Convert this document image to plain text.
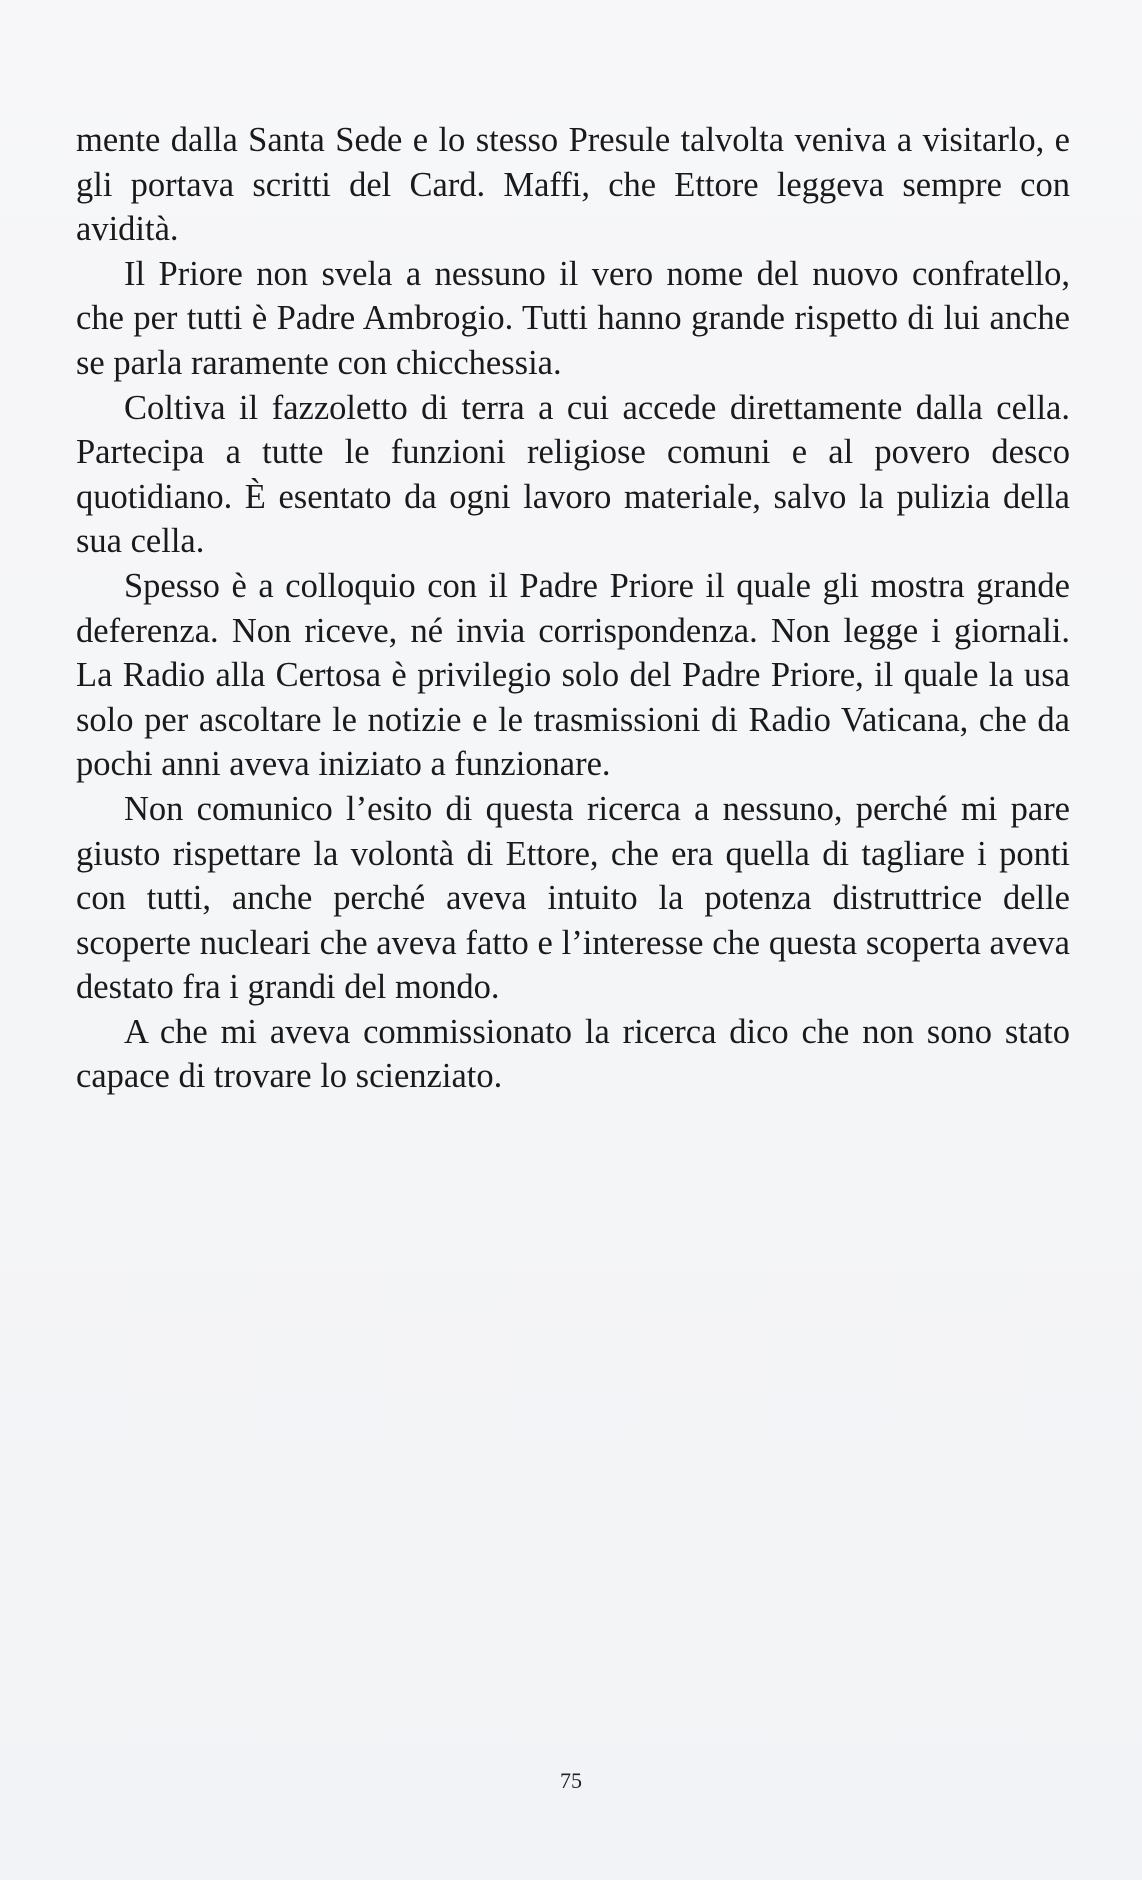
mente dalla Santa Sede e lo stesso Presule talvolta veniva a visitarlo, e gli portava scritti del Card. Maffi, che Ettore leggeva sempre con avidità.

Il Priore non svela a nessuno il vero nome del nuovo confratello, che per tutti è Padre Ambrogio. Tutti hanno grande rispetto di lui anche se parla raramente con chicchessia.

Coltiva il fazzoletto di terra a cui accede direttamente dalla cella. Partecipa a tutte le funzioni religiose comuni e al povero desco quotidiano. È esentato da ogni lavoro materiale, salvo la pulizia della sua cella.

Spesso è a colloquio con il Padre Priore il quale gli mostra grande deferenza. Non riceve, né invia corrispondenza. Non legge i giornali. La Radio alla Certosa è privilegio solo del Padre Priore, il quale la usa solo per ascoltare le notizie e le trasmissioni di Radio Vaticana, che da pochi anni aveva iniziato a funzionare.

Non comunico l’esito di questa ricerca a nessuno, perché mi pare giusto rispettare la volontà di Ettore, che era quella di tagliare i ponti con tutti, anche perché aveva intuito la potenza distruttrice delle scoperte nucleari che aveva fatto e l’interesse che questa scoperta aveva destato fra i grandi del mondo.

A che mi aveva commissionato la ricerca dico che non sono stato capace di trovare lo scienziato.

75
